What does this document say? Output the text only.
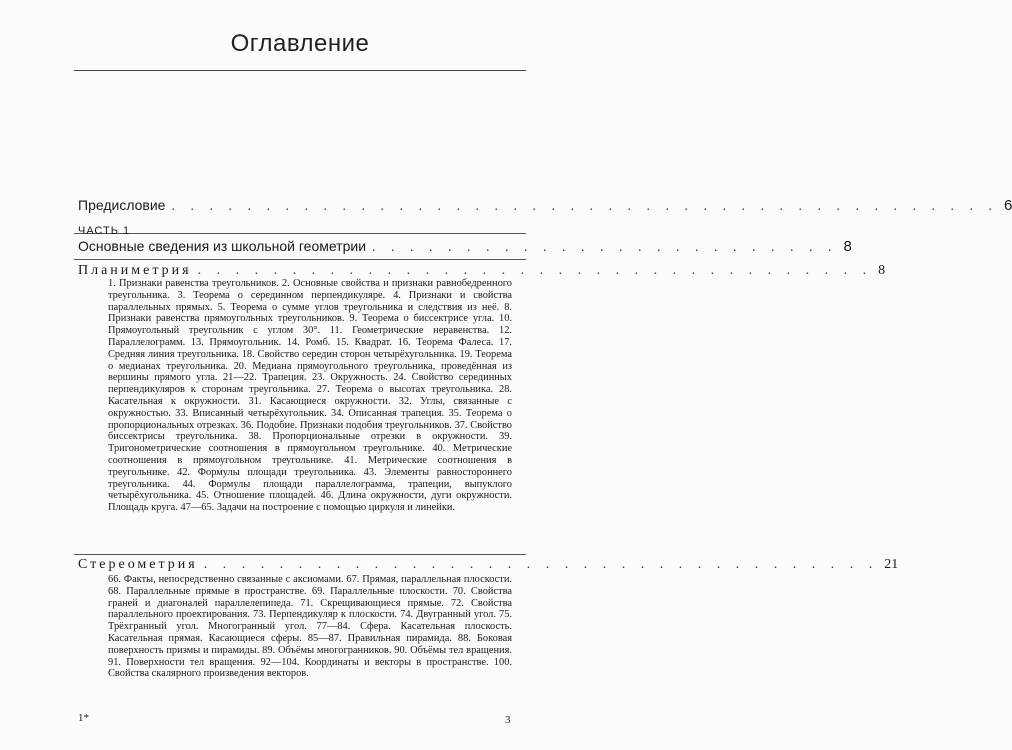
Оглавление
Предисловие . . . . . . . . . . . . . . . . . . . . . . . . . . . . . . . . . . . . . . . . . . . . 6
ЧАСТЬ 1
Основные сведения из школьной геометрии . . . . . . . . . . . . . . . . . . . . . . . . . 8
Планиметрия . . . . . . . . . . . . . . . . . . . . . . . . . . . . . . . . . . . . 8

1. Признаки равенства треугольников. 2. Основные свойства и признаки равнобедренного треугольника. 3. Теорема о серединном перпендикуляре. 4. Признаки и свойства параллельных прямых. 5. Теорема о сумме углов треугольника и следствия из неё. 8. Признаки равенства прямоугольных треугольников. 9. Теорема о биссектрисе угла. 10. Прямоугольный треугольник с углом 30°. 11. Геометрические неравенства. 12. Параллелограмм. 13. Прямоугольник. 14. Ромб. 15. Квадрат. 16. Теорема Фалеса. 17. Средняя линия треугольника. 18. Свойство середин сторон четырёхугольника. 19. Теорема о медианах треугольника. 20. Медиана прямоугольного треугольника, проведённая из вершины прямого угла. 21—22. Трапеция. 23. Окружность. 24. Свойство серединных перпендикуляров к сторонам треугольника. 27. Теорема о высотах треугольника. 28. Касательная к окружности. 31. Касающиеся окружности. 32. Углы, связанные с окружностью. 33. Вписанный четырёхугольник. 34. Описанная трапеция. 35. Теорема о пропорциональных отрезках. 36. Подобие. Признаки подобия треугольников. 37. Свойство биссектрисы треугольника. 38. Пропорциональные отрезки в окружности. 39. Тригонометрические соотношения в прямоугольном треугольнике. 40. Метрические соотношения в прямоугольном треугольнике. 41. Метрические соотношения в треугольнике. 42. Формулы площади треугольника. 43. Элементы равностороннего треугольника. 44. Формулы площади параллелограмма, трапеции, выпуклого четырёхугольника. 45. Отношение площадей. 46. Длина окружности, дуги окружности. Площадь круга. 47—65. Задачи на построение с помощью циркуля и линейки.

Стереометрия . . . . . . . . . . . . . . . . . . . . . . . . . . . . . . . . . . . . 21

66. Факты, непосредственно связанные с аксиомами. 67. Прямая, параллельная плоскости. 68. Параллельные прямые в пространстве. 69. Параллельные плоскости. 70. Свойства граней и диагоналей параллелепипеда. 71. Скрещивающиеся прямые. 72. Свойства параллельного проектирования. 73. Перпендикуляр к плоскости. 74. Двугранный угол. 75. Трёхгранный угол. Многогранный угол. 77—84. Сфера. Касательная плоскость. Касательная прямая. Касающиеся сферы. 85—87. Правильная пирамида. 88. Боковая поверхность призмы и пирамиды. 89. Объёмы многогранников. 90. Объёмы тел вращения. 91. Поверхности тел вращения. 92—104. Координаты и векторы в пространстве. 100. Свойства скалярного произведения векторов.

1*	3
